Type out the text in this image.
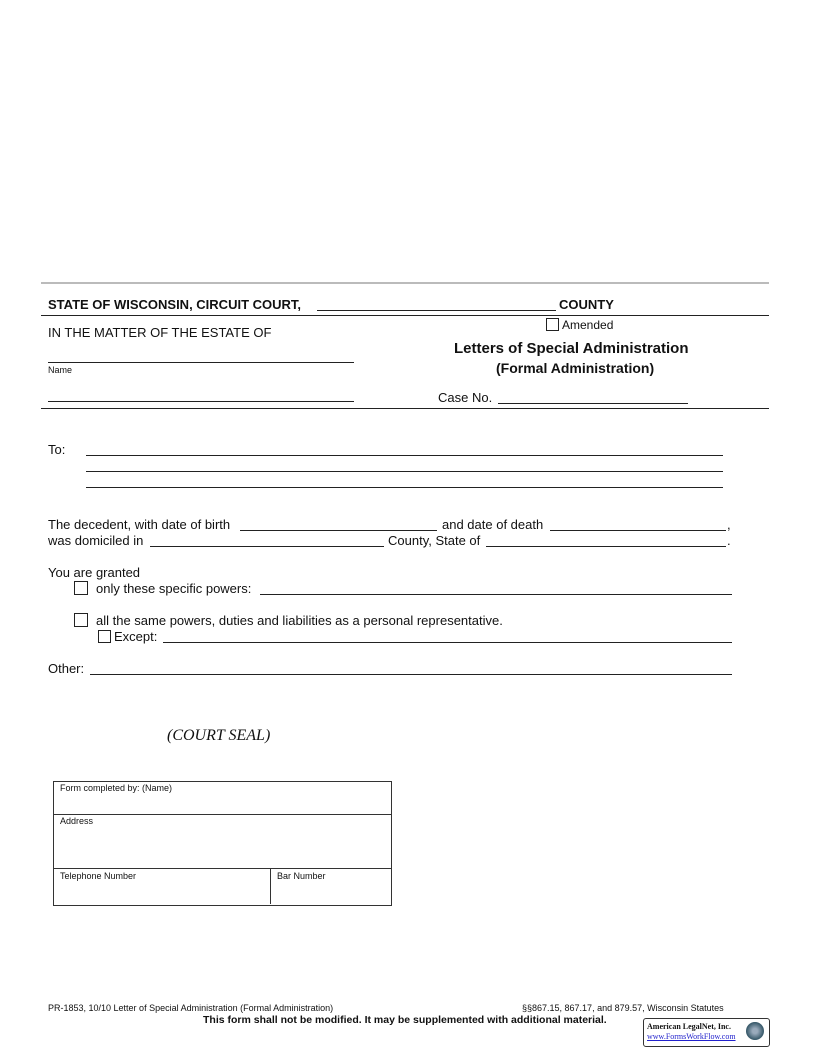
STATE OF WISCONSIN, CIRCUIT COURT,	COUNTY
Amended
IN THE MATTER OF THE ESTATE OF
Name
Letters of Special Administration
(Formal Administration)
Case No.
To:
The decedent, with date of birth	and date of death	,
was domiciled in	County, State of	.
You are granted
only these specific powers:
all the same powers, duties and liabilities as a personal representative.
Except:
Other:
(COURT SEAL)
Form completed by: (Name)
Address
Telephone Number	Bar Number
PR-1853, 10/10 Letter of Special Administration (Formal Administration)	§§867.15, 867.17, and 879.57, Wisconsin Statutes
This form shall not be modified. It may be supplemented with additional material.
American LegalNet, Inc.
www.FormsWorkFlow.com
